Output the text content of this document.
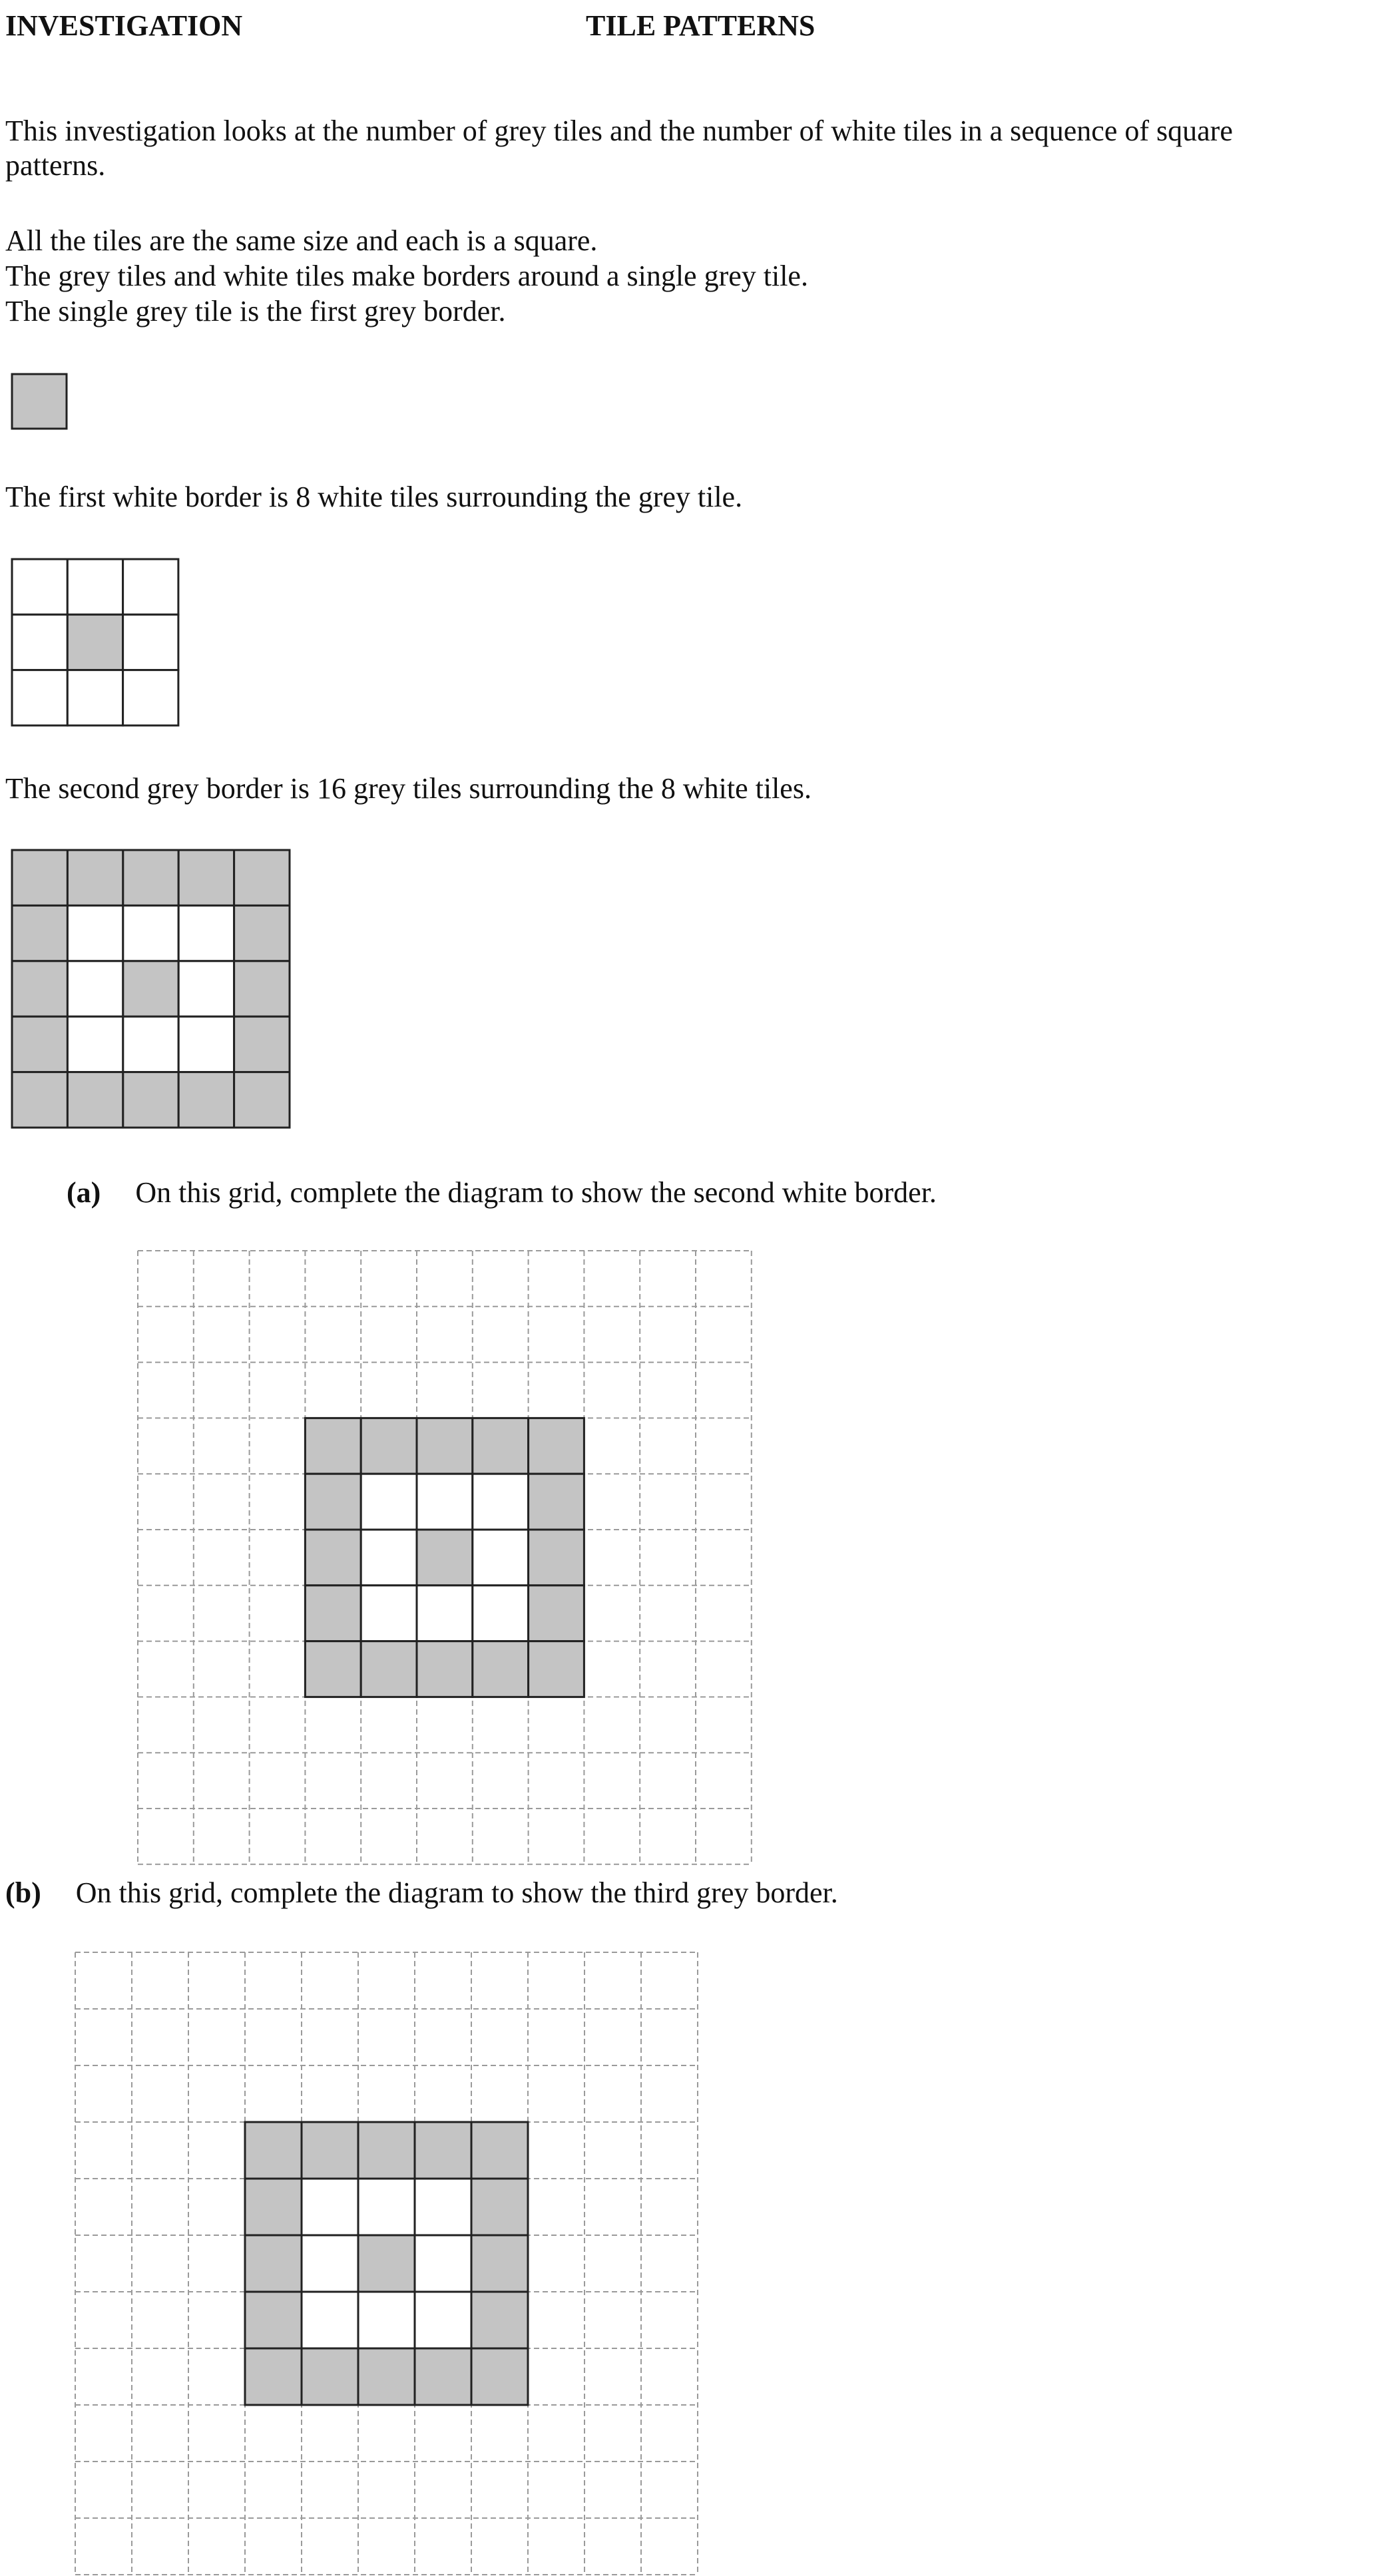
INVESTIGATION	TILE PATTERNS
This investigation looks at the number of grey tiles and the number of white tiles in a sequence of square
patterns.
All the tiles are the same size and each is a square.
The grey tiles and white tiles make borders around a single grey tile.
The single grey tile is the first grey border.
The first white border is 8 white tiles surrounding the grey tile.
The second grey border is 16 grey tiles surrounding the 8 white tiles.
(a) On this grid, complete the diagram to show the second white border.
(b) On this grid, complete the diagram to show the third grey border.
